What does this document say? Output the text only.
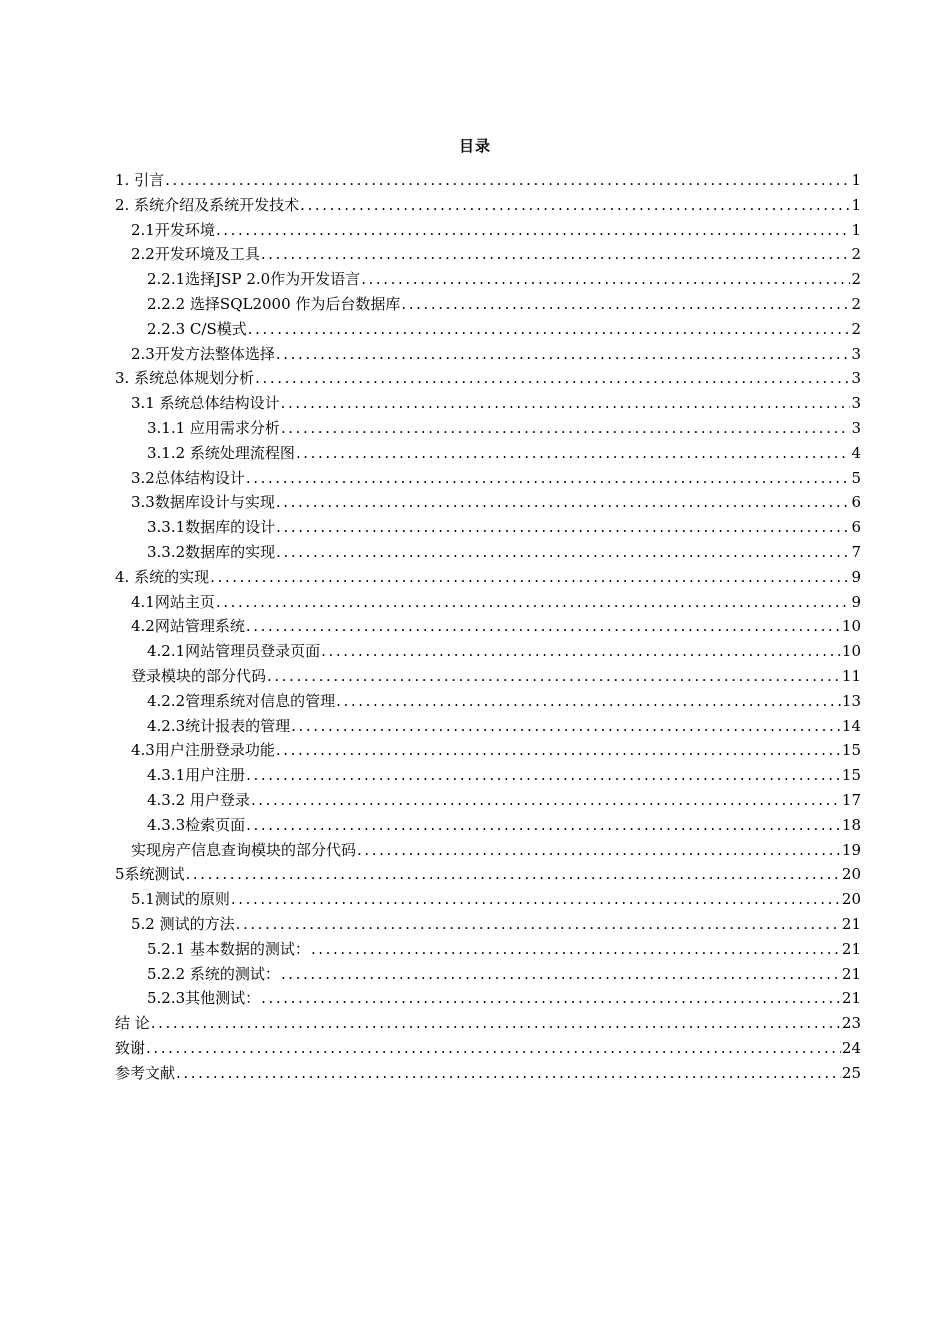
目录
1. 引言 .....	1
2. 系统介绍及系统开发技术 .....	1
2.1开发环境 .....	1
2.2开发环境及工具 .....	2
2.2.1选择JSP 2.0作为开发语言 .....	2
2.2.2 选择SQL2000 作为后台数据库 .....	2
2.2.3 C/S模式 .....	2
2.3开发方法整体选择 .....	3
3. 系统总体规划分析 .....	3
3.1 系统总体结构设计 .....	3
3.1.1 应用需求分析 .....	3
3.1.2 系统处理流程图 .....	4
3.2总体结构设计 .....	5
3.3数据库设计与实现 .....	6
3.3.1数据库的设计 .....	6
3.3.2数据库的实现 .....	7
4. 系统的实现 .....	9
4.1网站主页 .....	9
4.2网站管理系统 .....	10
4.2.1网站管理员登录页面 .....	10
登录模块的部分代码 .....	11
4.2.2管理系统对信息的管理 .....	13
4.2.3统计报表的管理 .....	14
4.3用户注册登录功能 .....	15
4.3.1用户注册 .....	15
4.3.2 用户登录 .....	17
4.3.3检索页面 .....	18
实现房产信息查询模块的部分代码 .....	19
5系统测试 .....	20
5.1测试的原则 .....	20
5.2 测试的方法 .....	21
5.2.1 基本数据的测试： .....	21
5.2.2 系统的测试： .....	21
5.2.3其他测试： .....	21
结 论 .....	23
致谢 .....	24
参考文献 .....	25
